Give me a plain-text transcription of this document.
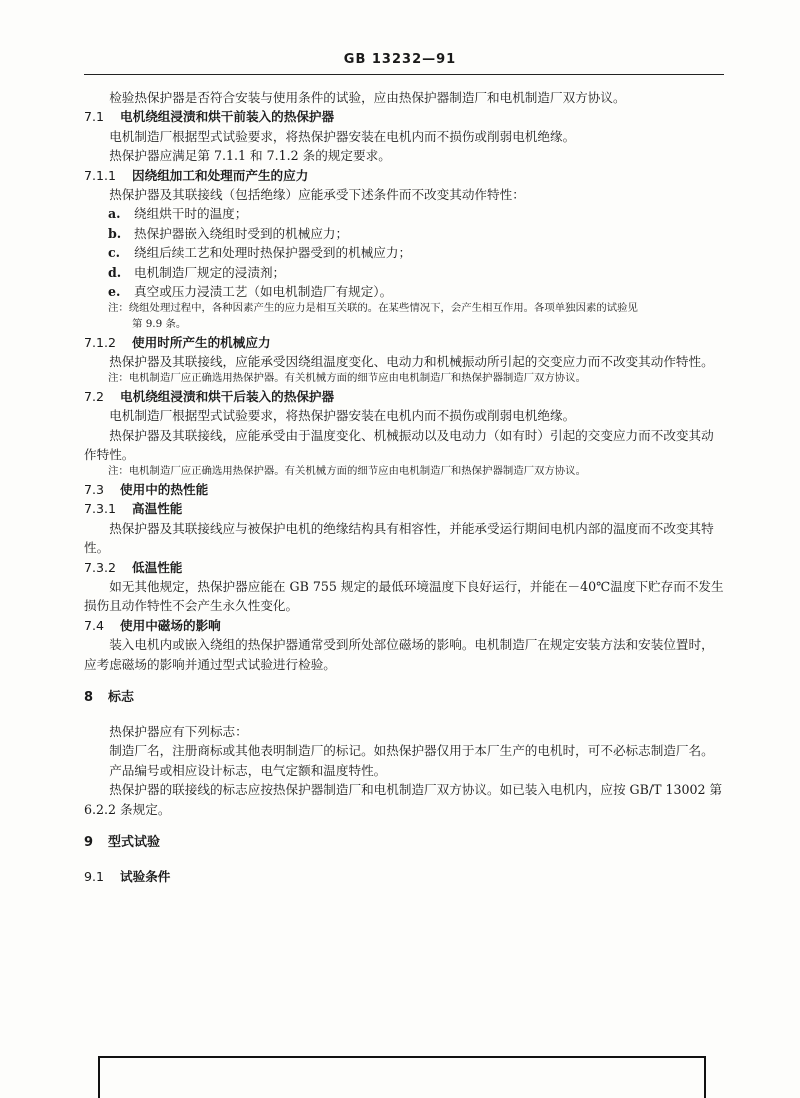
GB 13232—91

检验热保护器是否符合安装与使用条件的试验，应由热保护器制造厂和电机制造厂双方协议。

7.1 电机绕组浸渍和烘干前装入的热保护器

电机制造厂根据型式试验要求，将热保护器安装在电机内而不损伤或削弱电机绝缘。

热保护器应满足第 7.1.1 和 7.1.2 条的规定要求。

7.1.1 因绕组加工和处理而产生的应力

热保护器及其联接线（包括绝缘）应能承受下述条件而不改变其动作特性：

a. 绕组烘干时的温度；

b. 热保护器嵌入绕组时受到的机械应力；

c. 绕组后续工艺和处理时热保护器受到的机械应力；

d. 电机制造厂规定的浸渍剂；

e. 真空或压力浸渍工艺（如电机制造厂有规定）。

注：绕组处理过程中，各种因素产生的应力是相互关联的。在某些情况下，会产生相互作用。各项单独因素的试验见

第 9.9 条。

7.1.2 使用时所产生的机械应力

热保护器及其联接线，应能承受因绕组温度变化、电动力和机械振动所引起的交变应力而不改变其动作特性。

注：电机制造厂应正确选用热保护器。有关机械方面的细节应由电机制造厂和热保护器制造厂双方协议。

7.2 电机绕组浸渍和烘干后装入的热保护器

电机制造厂根据型式试验要求，将热保护器安装在电机内而不损伤或削弱电机绝缘。

热保护器及其联接线，应能承受由于温度变化、机械振动以及电动力（如有时）引起的交变应力而不改变其动作特性。

注：电机制造厂应正确选用热保护器。有关机械方面的细节应由电机制造厂和热保护器制造厂双方协议。

7.3 使用中的热性能

7.3.1 高温性能

热保护器及其联接线应与被保护电机的绝缘结构具有相容性，并能承受运行期间电机内部的温度而不改变其特性。

7.3.2 低温性能

如无其他规定，热保护器应能在 GB 755 规定的最低环境温度下良好运行，并能在－40℃温度下贮存而不发生损伤且动作特性不会产生永久性变化。

7.4 使用中磁场的影响

装入电机内或嵌入绕组的热保护器通常受到所处部位磁场的影响。电机制造厂在规定安装方法和安装位置时，应考虑磁场的影响并通过型式试验进行检验。

8 标志

热保护器应有下列标志：

制造厂名，注册商标或其他表明制造厂的标记。如热保护器仅用于本厂生产的电机时，可不必标志制造厂名。

产品编号或相应设计标志，电气定额和温度特性。

热保护器的联接线的标志应按热保护器制造厂和电机制造厂双方协议。如已装入电机内，应按 GB/T 13002 第 6.2.2 条规定。

9 型式试验

9.1 试验条件
